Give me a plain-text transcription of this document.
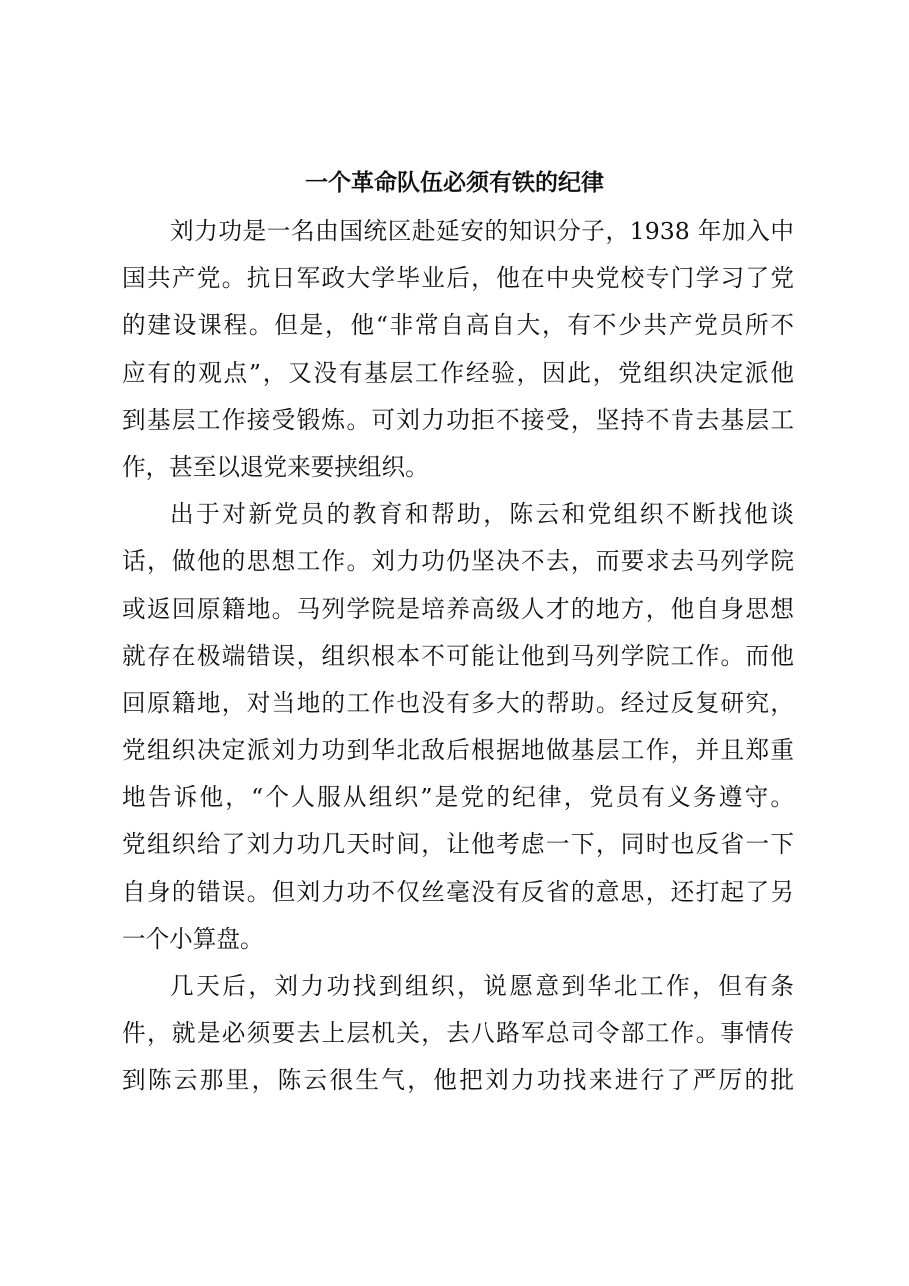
一个革命队伍必须有铁的纪律
刘力功是一名由国统区赴延安的知识分子，1938 年加入中
国共产党。抗日军政大学毕业后，他在中央党校专门学习了党
的建设课程。但是，他“非常自高自大，有不少共产党员所不
应有的观点”，又没有基层工作经验，因此，党组织决定派他
到基层工作接受锻炼。可刘力功拒不接受，坚持不肯去基层工
作，甚至以退党来要挟组织。
出于对新党员的教育和帮助，陈云和党组织不断找他谈
话，做他的思想工作。刘力功仍坚决不去，而要求去马列学院
或返回原籍地。马列学院是培养高级人才的地方，他自身思想
就存在极端错误，组织根本不可能让他到马列学院工作。而他
回原籍地，对当地的工作也没有多大的帮助。经过反复研究，
党组织决定派刘力功到华北敌后根据地做基层工作，并且郑重
地告诉他，“个人服从组织”是党的纪律，党员有义务遵守。
党组织给了刘力功几天时间，让他考虑一下，同时也反省一下
自身的错误。但刘力功不仅丝毫没有反省的意思，还打起了另
一个小算盘。
几天后，刘力功找到组织，说愿意到华北工作，但有条
件，就是必须要去上层机关，去八路军总司令部工作。事情传
到陈云那里，陈云很生气，他把刘力功找来进行了严厉的批
